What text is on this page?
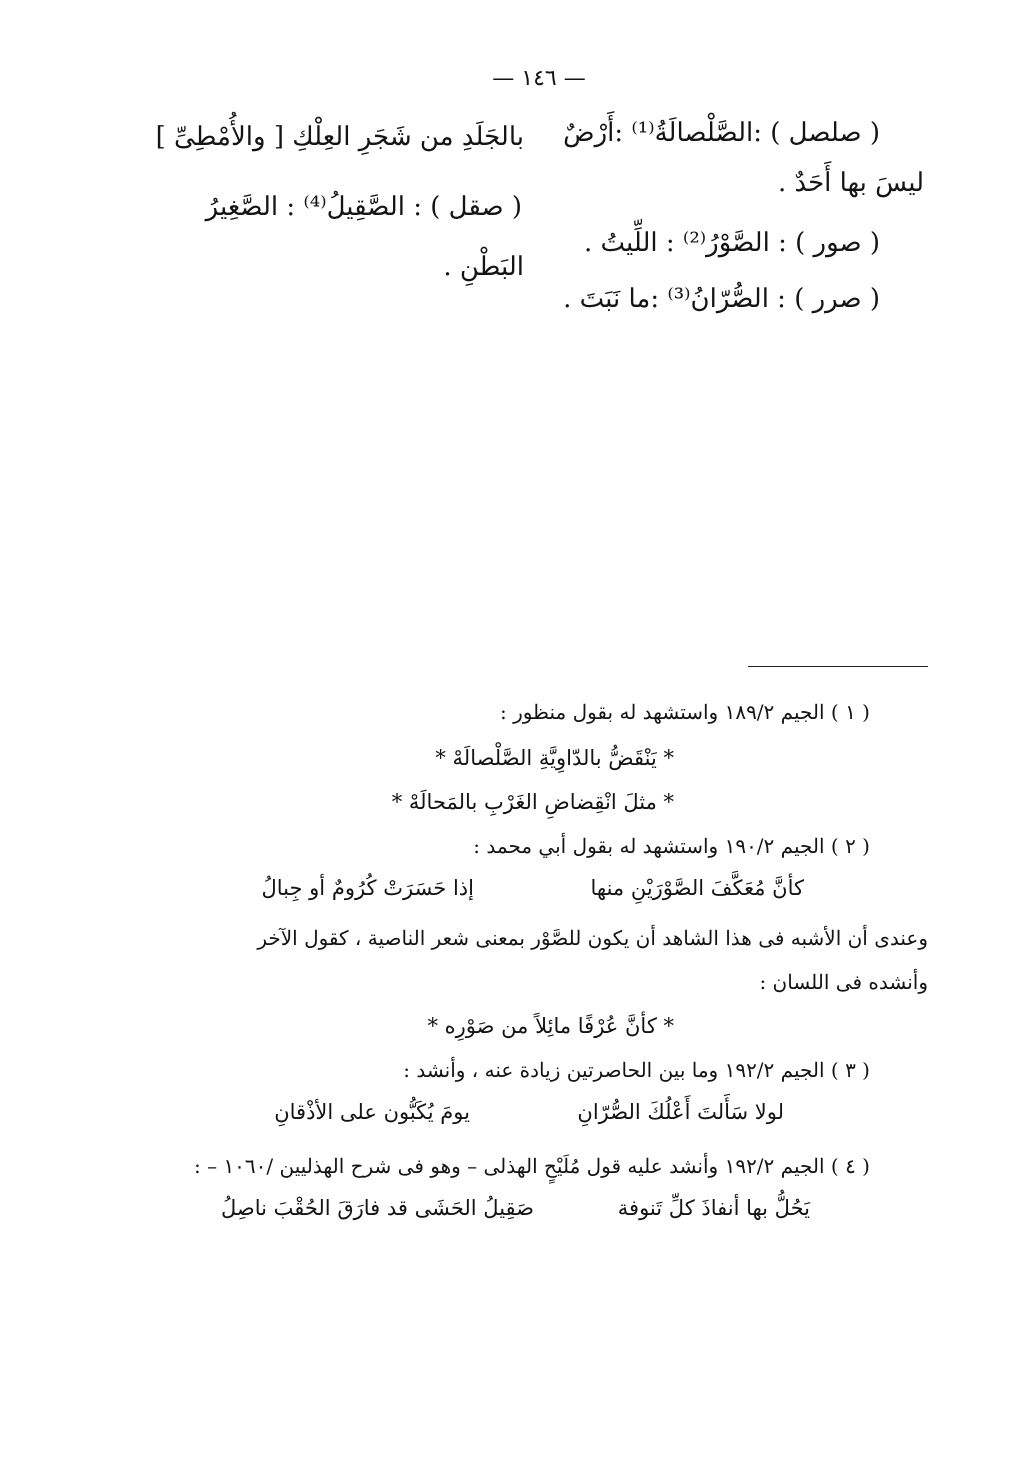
— ١٤٦ —
( صلصل ) :الصَّلْصالَةُ⁽¹⁾ :أَرْضٌ
بالجَلَدِ من شَجَرِ العِلْكِ [ والأُمْطِىِّ ]
ليسَ بها أَحَدٌ .
( صقل ) : الصَّقِيلُ⁽⁴⁾ : الصَّغِيرُ
( صور ) : الصَّوْرُ⁽²⁾ : اللِّيتُ .
البَطْنِ .
( صرر ) : الصُّرّانُ⁽³⁾ :ما نَبَتَ .
( ١ ) الجيم ١٨٩/٢ واستشهد له بقول منظور :
* يَنْقَضُّ بالدّاوِيَّةِ الصَّلْصالَهْ *
* مثلَ انْقِضاضِ الغَرْبِ بالمَحالَهْ *
( ٢ ) الجيم ١٩٠/٢ واستشهد له بقول أبي محمد :
كأنَّ مُعَكَّفَ الصَّوْرَيْنِ منها
إذا حَسَرَتْ كُرُومٌ أو جِبالُ
وعندى أن الأشبه فى هذا الشاهد أن يكون للصَّوْر بمعنى شعر الناصية ، كقول الآخر
وأنشده فى اللسان :
* كأنَّ عُرْفًا مائِلاً من صَوْرِه *
( ٣ ) الجيم ١٩٢/٢ وما بين الحاصرتين زيادة عنه ، وأنشد :
لولا سَأَلتَ أَعْلُكَ الصُّرّانِ
يومَ يُكَبُّون على الأذْقانِ
( ٤ ) الجيم ١٩٢/٢ وأنشد عليه قول مُلَيْحٍ الهذلى – وهو فى شرح الهذليين /١٠٦٠ – :
يَحُلُّ بها أنفاذَ كلِّ تَنوفة
صَقِيلُ الحَشَى قد فارَقَ الحُقْبَ ناصِلُ
